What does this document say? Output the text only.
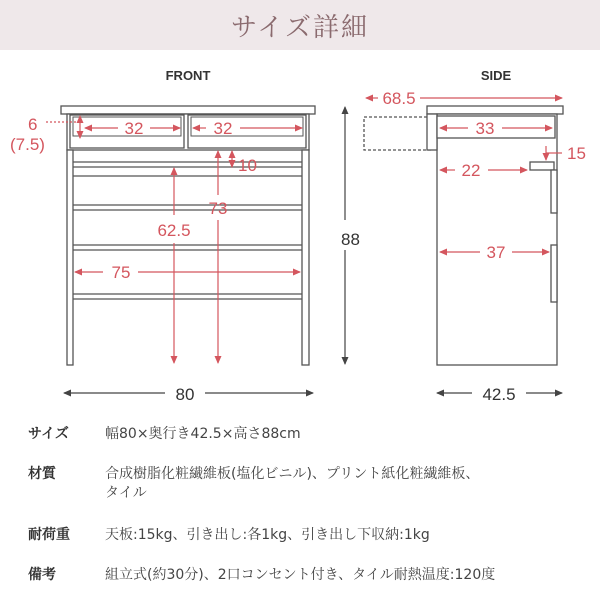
サイズ詳細
FRONT	SIDE
6
(7.5)
32	32
10
73
62.5
75
88
80
68.5
33
15
22
37
42.5
サイズ	幅80×奥行き42.5×高さ88cm
材質	合成樹脂化粧繊維板(塩化ビニル)、プリント紙化粧繊維板、
タイル
耐荷重	天板:15kg、引き出し:各1kg、引き出し下収納:1kg
備考	組立式(約30分)、2口コンセント付き、タイル耐熱温度:120度
